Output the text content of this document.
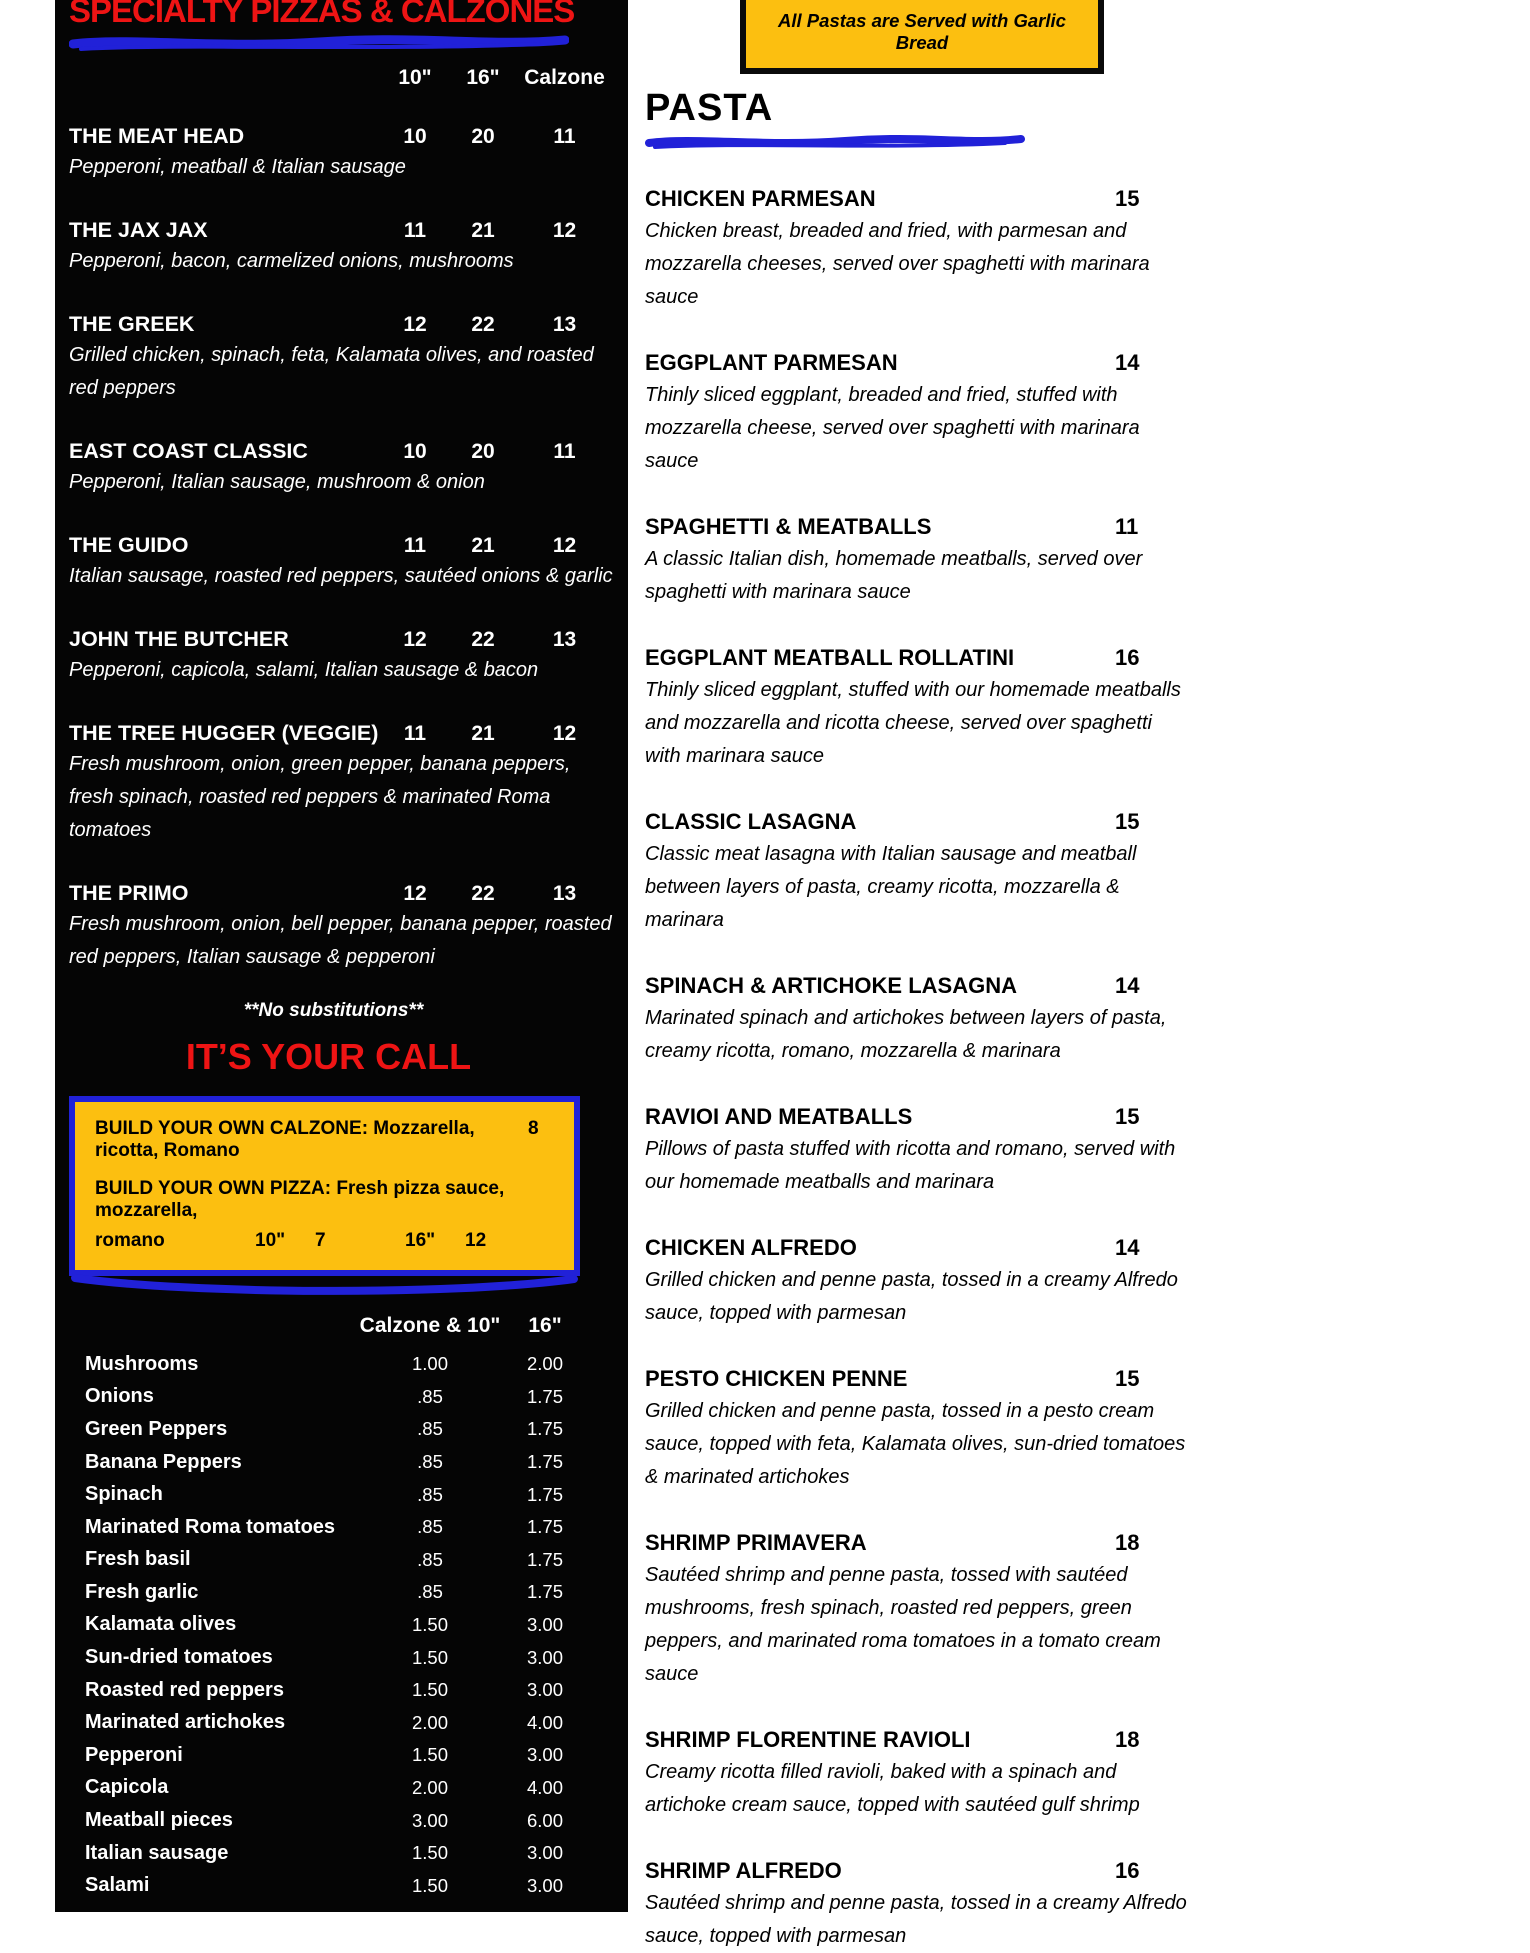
SPECIALTY PIZZAS & CALZONES
10"	16"	Calzone
THE MEAT HEAD	10	20	11
Pepperoni, meatball & Italian sausage
THE JAX JAX	11	21	12
Pepperoni, bacon, carmelized onions, mushrooms
THE GREEK	12	22	13
Grilled chicken, spinach, feta, Kalamata olives, and roasted red peppers
EAST COAST CLASSIC	10	20	11
Pepperoni, Italian sausage, mushroom & onion
THE GUIDO	11	21	12
Italian sausage, roasted red peppers, sautéed onions & garlic
JOHN THE BUTCHER	12	22	13
Pepperoni, capicola, salami, Italian sausage & bacon
THE TREE HUGGER (VEGGIE)	11	21	12
Fresh mushroom, onion, green pepper, banana peppers, fresh spinach, roasted red peppers & marinated Roma tomatoes
THE PRIMO	12	22	13
Fresh mushroom, onion, bell pepper, banana pepper, roasted red peppers, Italian sausage & pepperoni
**No substitutions**
IT’S YOUR CALL
BUILD YOUR OWN CALZONE: Mozzarella, ricotta, Romano
8
BUILD YOUR OWN PIZZA: Fresh pizza sauce, mozzarella,
romano	10"	7	16"	12
Calzone & 10" 16"
Mushrooms	1.00	2.00
Onions	.85	1.75
Green Peppers	.85	1.75
Banana Peppers	.85	1.75
Spinach	.85	1.75
Marinated Roma tomatoes	.85	1.75
Fresh basil	.85	1.75
Fresh garlic	.85	1.75
Kalamata olives	1.50	3.00
Sun-dried tomatoes	1.50	3.00
Roasted red peppers	1.50	3.00
Marinated artichokes	2.00	4.00
Pepperoni	1.50	3.00
Capicola	2.00	4.00
Meatball pieces	3.00	6.00
Italian sausage	1.50	3.00
Salami	1.50	3.00
All Pastas are Served with Garlic Bread
PASTA
CHICKEN PARMESAN	15
Chicken breast, breaded and fried, with parmesan and mozzarella cheeses, served over spaghetti with marinara sauce
EGGPLANT PARMESAN	14
Thinly sliced eggplant, breaded and fried, stuffed with mozzarella cheese, served over spaghetti with marinara sauce
SPAGHETTI & MEATBALLS	11
A classic Italian dish, homemade meatballs, served over spaghetti with marinara sauce
EGGPLANT MEATBALL ROLLATINI	16
Thinly sliced eggplant, stuffed with our homemade meatballs and mozzarella and ricotta cheese, served over spaghetti with marinara sauce
CLASSIC LASAGNA	15
Classic meat lasagna with Italian sausage and meatball between layers of pasta, creamy ricotta, mozzarella & marinara
SPINACH & ARTICHOKE LASAGNA	14
Marinated spinach and artichokes between layers of pasta, creamy ricotta, romano, mozzarella & marinara
RAVIOI AND MEATBALLS	15
Pillows of pasta stuffed with ricotta and romano, served with our homemade meatballs and marinara
CHICKEN ALFREDO	14
Grilled chicken and penne pasta, tossed in a creamy Alfredo sauce, topped with parmesan
PESTO CHICKEN PENNE	15
Grilled chicken and penne pasta, tossed in a pesto cream sauce, topped with feta, Kalamata olives, sun-dried tomatoes & marinated artichokes
SHRIMP PRIMAVERA	18
Sautéed shrimp and penne pasta, tossed with sautéed mushrooms, fresh spinach, roasted red peppers, green peppers, and marinated roma tomatoes in a tomato cream sauce
SHRIMP FLORENTINE RAVIOLI	18
Creamy ricotta filled ravioli, baked with a spinach and artichoke cream sauce, topped with sautéed gulf shrimp
SHRIMP ALFREDO	16
Sautéed shrimp and penne pasta, tossed in a creamy Alfredo sauce, topped with parmesan
